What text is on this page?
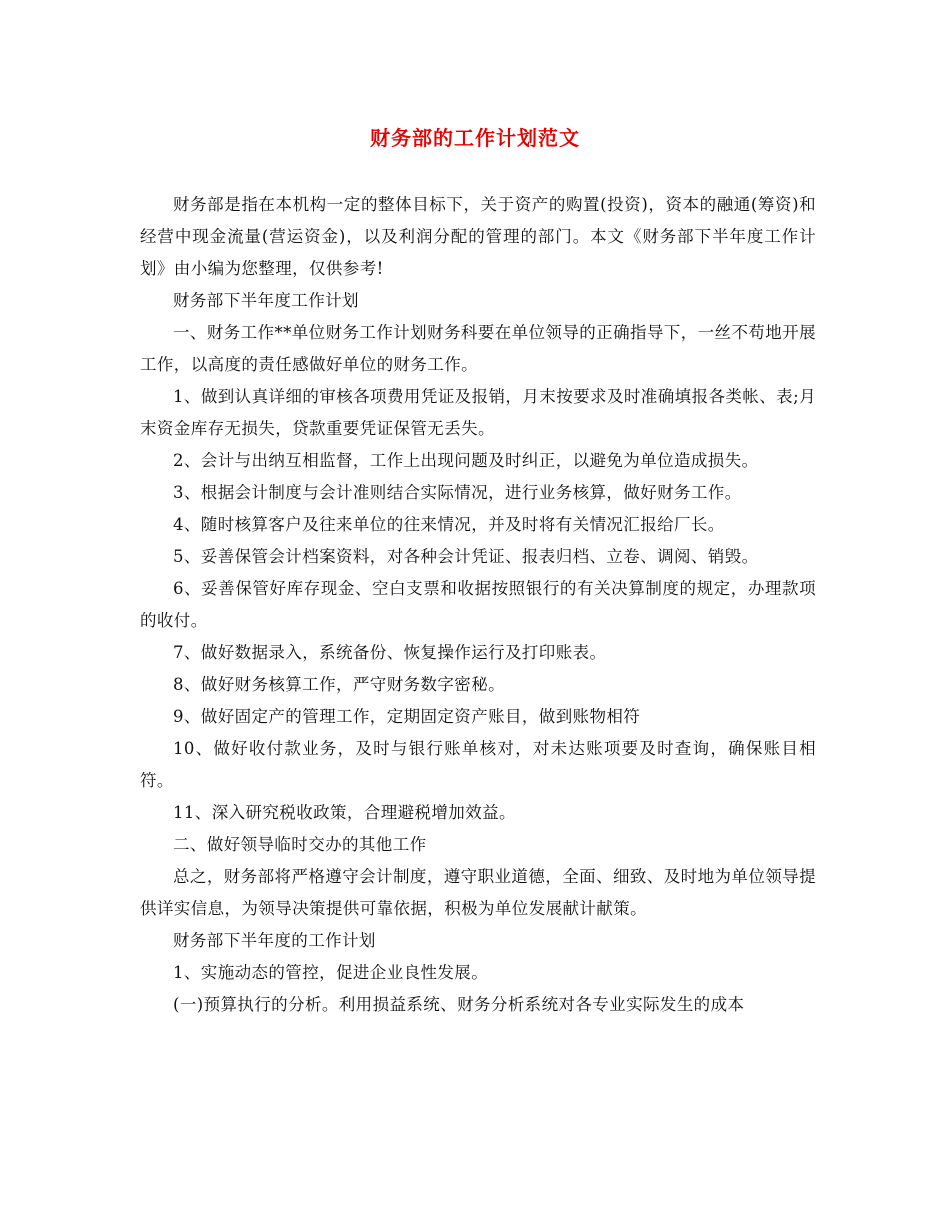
财务部的工作计划范文

财务部是指在本机构一定的整体目标下，关于资产的购置(投资)，资本的融通(筹资)和经营中现金流量(营运资金)，以及利润分配的管理的部门。本文《财务部下半年度工作计划》由小编为您整理，仅供参考!

财务部下半年度工作计划

一、财务工作**单位财务工作计划财务科要在单位领导的正确指导下，一丝不苟地开展工作，以高度的责任感做好单位的财务工作。

1、做到认真详细的审核各项费用凭证及报销，月末按要求及时准确填报各类帐、表;月末资金库存无损失，贷款重要凭证保管无丢失。

2、会计与出纳互相监督，工作上出现问题及时纠正，以避免为单位造成损失。

3、根据会计制度与会计准则结合实际情况，进行业务核算，做好财务工作。

4、随时核算客户及往来单位的往来情况，并及时将有关情况汇报给厂长。

5、妥善保管会计档案资料，对各种会计凭证、报表归档、立卷、调阅、销毁。

6、妥善保管好库存现金、空白支票和收据按照银行的有关决算制度的规定，办理款项的收付。

7、做好数据录入，系统备份、恢复操作运行及打印账表。

8、做好财务核算工作，严守财务数字密秘。

9、做好固定产的管理工作，定期固定资产账目，做到账物相符

10、做好收付款业务，及时与银行账单核对，对未达账项要及时查询，确保账目相符。

11、深入研究税收政策，合理避税增加效益。

二、做好领导临时交办的其他工作

总之，财务部将严格遵守会计制度，遵守职业道德，全面、细致、及时地为单位领导提供详实信息，为领导决策提供可靠依据，积极为单位发展献计献策。

财务部下半年度的工作计划

1、实施动态的管控，促进企业良性发展。

(一)预算执行的分析。利用损益系统、财务分析系统对各专业实际发生的成本
